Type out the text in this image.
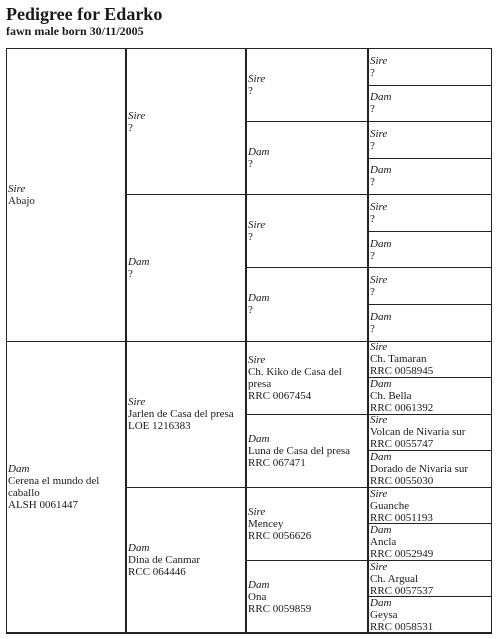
Pedigree for Edarko
fawn male born 30/11/2005
Sire
Abajo
Dam
Cerena el mundo del caballo
ALSH 0061447
Sire
?
Dam
?
Sire
Jarlen de Casa del presa
LOE 1216383
Dam
Dina de Canmar
RCC 064446
Sire
?
Dam
?
Sire
?
Dam
?
Sire
Ch. Kiko de Casa del presa
RRC 0067454
Dam
Luna de Casa del presa
RRC 067471
Sire
Mencey
RRC 0056626
Dam
Ona
RRC 0059859
Sire
?
Dam
?
Sire
?
Dam
?
Sire
?
Dam
?
Sire
?
Dam
?
Sire
Ch. Tamaran
RRC 0058945
Dam
Ch. Bella
RRC 0061392
Sire
Volcan de Nivaria sur
RRC 0055747
Dam
Dorado de Nivaria sur
RRC 0055030
Sire
Guanche
RRC 0051193
Dam
Ancla
RRC 0052949
Sire
Ch. Argual
RRC 0057537
Dam
Geysa
RRC 0058531
